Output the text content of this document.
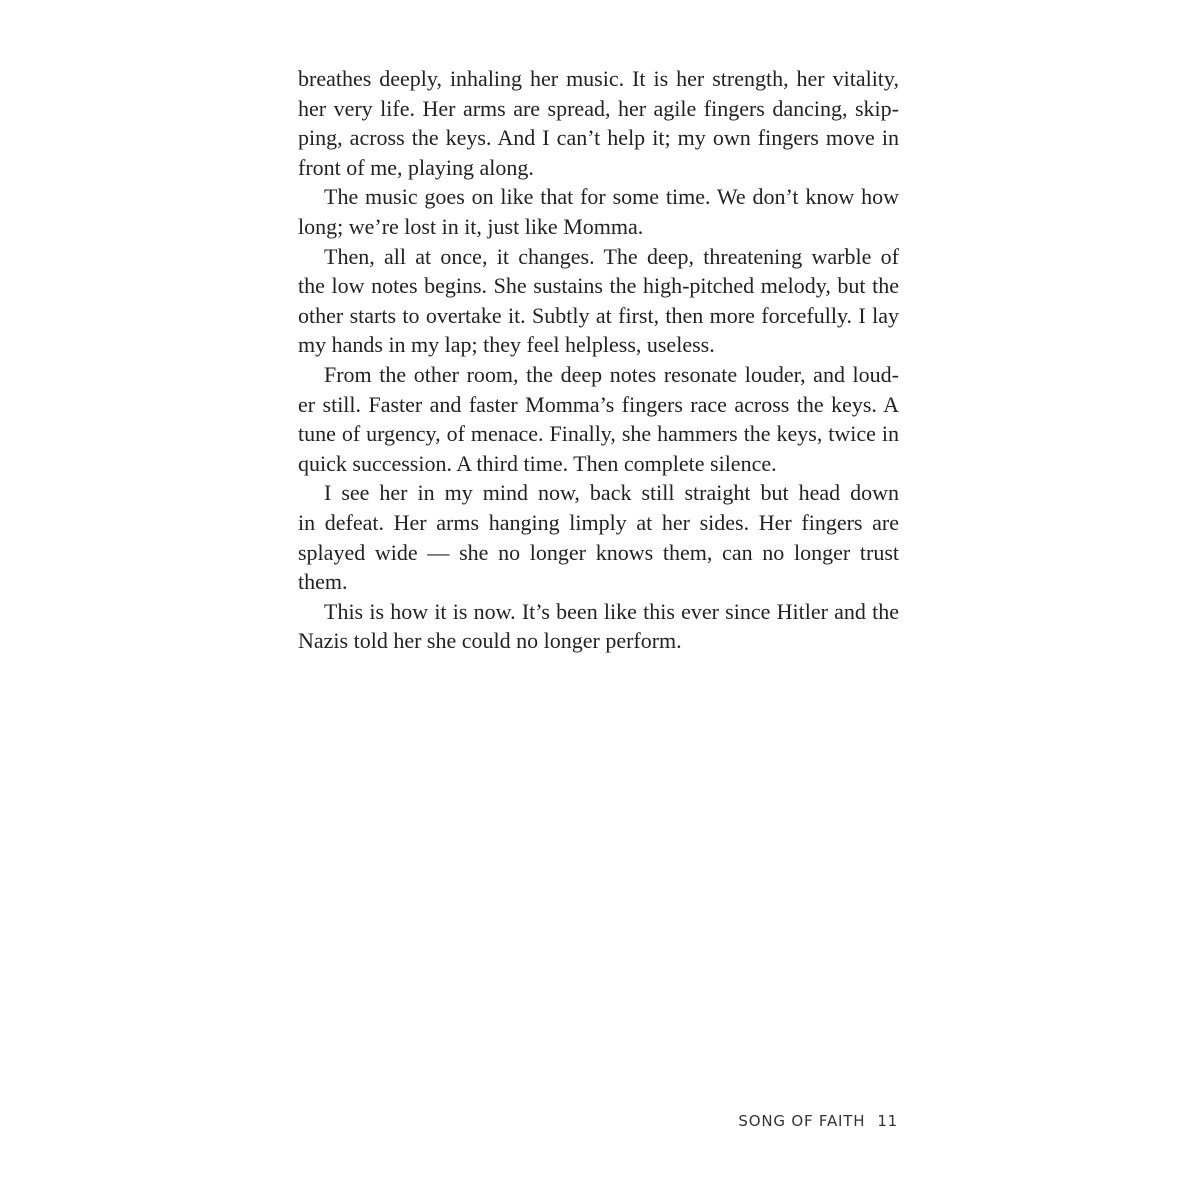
breathes deeply, inhaling her music. It is her strength, her vitality,
her very life. Her arms are spread, her agile fingers dancing, skip-
ping, across the keys. And I can’t help it; my own fingers move in
front of me, playing along.
The music goes on like that for some time. We don’t know how
long; we’re lost in it, just like Momma.
Then, all at once, it changes. The deep, threatening warble of
the low notes begins. She sustains the high-pitched melody, but the
other starts to overtake it. Subtly at first, then more forcefully. I lay
my hands in my lap; they feel helpless, useless.
From the other room, the deep notes resonate louder, and loud-
er still. Faster and faster Momma’s fingers race across the keys. A
tune of urgency, of menace. Finally, she hammers the keys, twice in
quick succession. A third time. Then complete silence.
I see her in my mind now, back still straight but head down
in defeat. Her arms hanging limply at her sides. Her fingers are
splayed wide — she no longer knows them, can no longer trust
them.
This is how it is now. It’s been like this ever since Hitler and the
Nazis told her she could no longer perform.
SONG OF FAITH 11
